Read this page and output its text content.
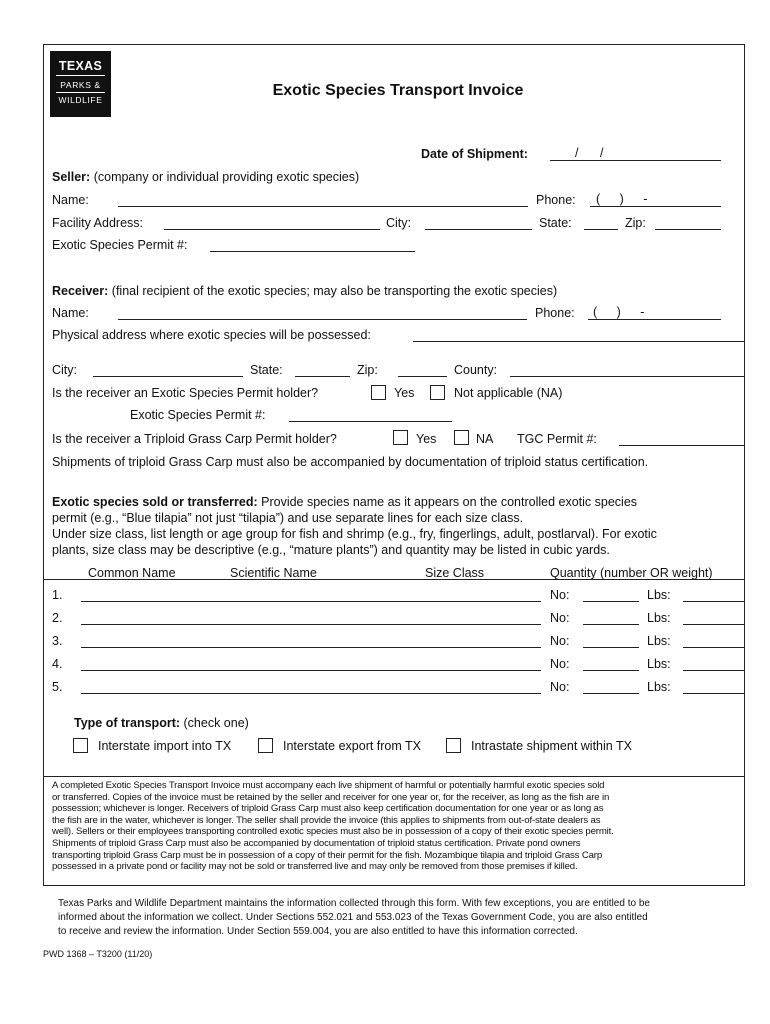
TEXAS
PARKS &
WILDLIFE
Exotic Species Transport Invoice
Date of Shipment:	/ /
Seller: (company or individual providing exotic species)
Name:	Phone: ( ) -
Facility Address:	City:	State:	Zip:
Exotic Species Permit #:
Receiver: (final recipient of the exotic species; may also be transporting the exotic species)
Name:	Phone: ( ) -
Physical address where exotic species will be possessed:
City:	State:	Zip:	County:
Is the receiver an Exotic Species Permit holder?	Yes	Not applicable (NA)
Exotic Species Permit #:
Is the receiver a Triploid Grass Carp Permit holder?	Yes	NA TGC Permit #:
Shipments of triploid Grass Carp must also be accompanied by documentation of triploid status certification.
Exotic species sold or transferred: Provide species name as it appears on the controlled exotic species
permit (e.g., “Blue tilapia” not just “tilapia”) and use separate lines for each size class.
Under size class, list length or age group for fish and shrimp (e.g., fry, fingerlings, adult, postlarval). For exotic
plants, size class may be descriptive (e.g., “mature plants”) and quantity may be listed in cubic yards.
Common Name	Scientific Name	Size Class	Quantity (number OR weight)
1.	No:	Lbs:
2.	No:	Lbs:
3.	No:	Lbs:
4.	No:	Lbs:
5.	No:	Lbs:
Type of transport: (check one)
Interstate import into TX	Interstate export from TX	Intrastate shipment within TX
A completed Exotic Species Transport Invoice must accompany each live shipment of harmful or potentially harmful exotic species sold
or transferred. Copies of the invoice must be retained by the seller and receiver for one year or, for the receiver, as long as the fish are in
possession; whichever is longer. Receivers of triploid Grass Carp must also keep certification documentation for one year or as long as
the fish are in the water, whichever is longer. The seller shall provide the invoice (this applies to shipments from out-of-state dealers as
well). Sellers or their employees transporting controlled exotic species must also be in possession of a copy of their exotic species permit.
Shipments of triploid Grass Carp must also be accompanied by documentation of triploid status certification. Private pond owners
transporting triploid Grass Carp must be in possession of a copy of their permit for the fish. Mozambique tilapia and triploid Grass Carp
possessed in a private pond or facility may not be sold or transferred live and may only be removed from those premises if killed.
Texas Parks and Wildlife Department maintains the information collected through this form. With few exceptions, you are entitled to be
informed about the information we collect. Under Sections 552.021 and 553.023 of the Texas Government Code, you are also entitled
to receive and review the information. Under Section 559.004, you are also entitled to have this information corrected.
PWD 1368 – T3200 (11/20)
